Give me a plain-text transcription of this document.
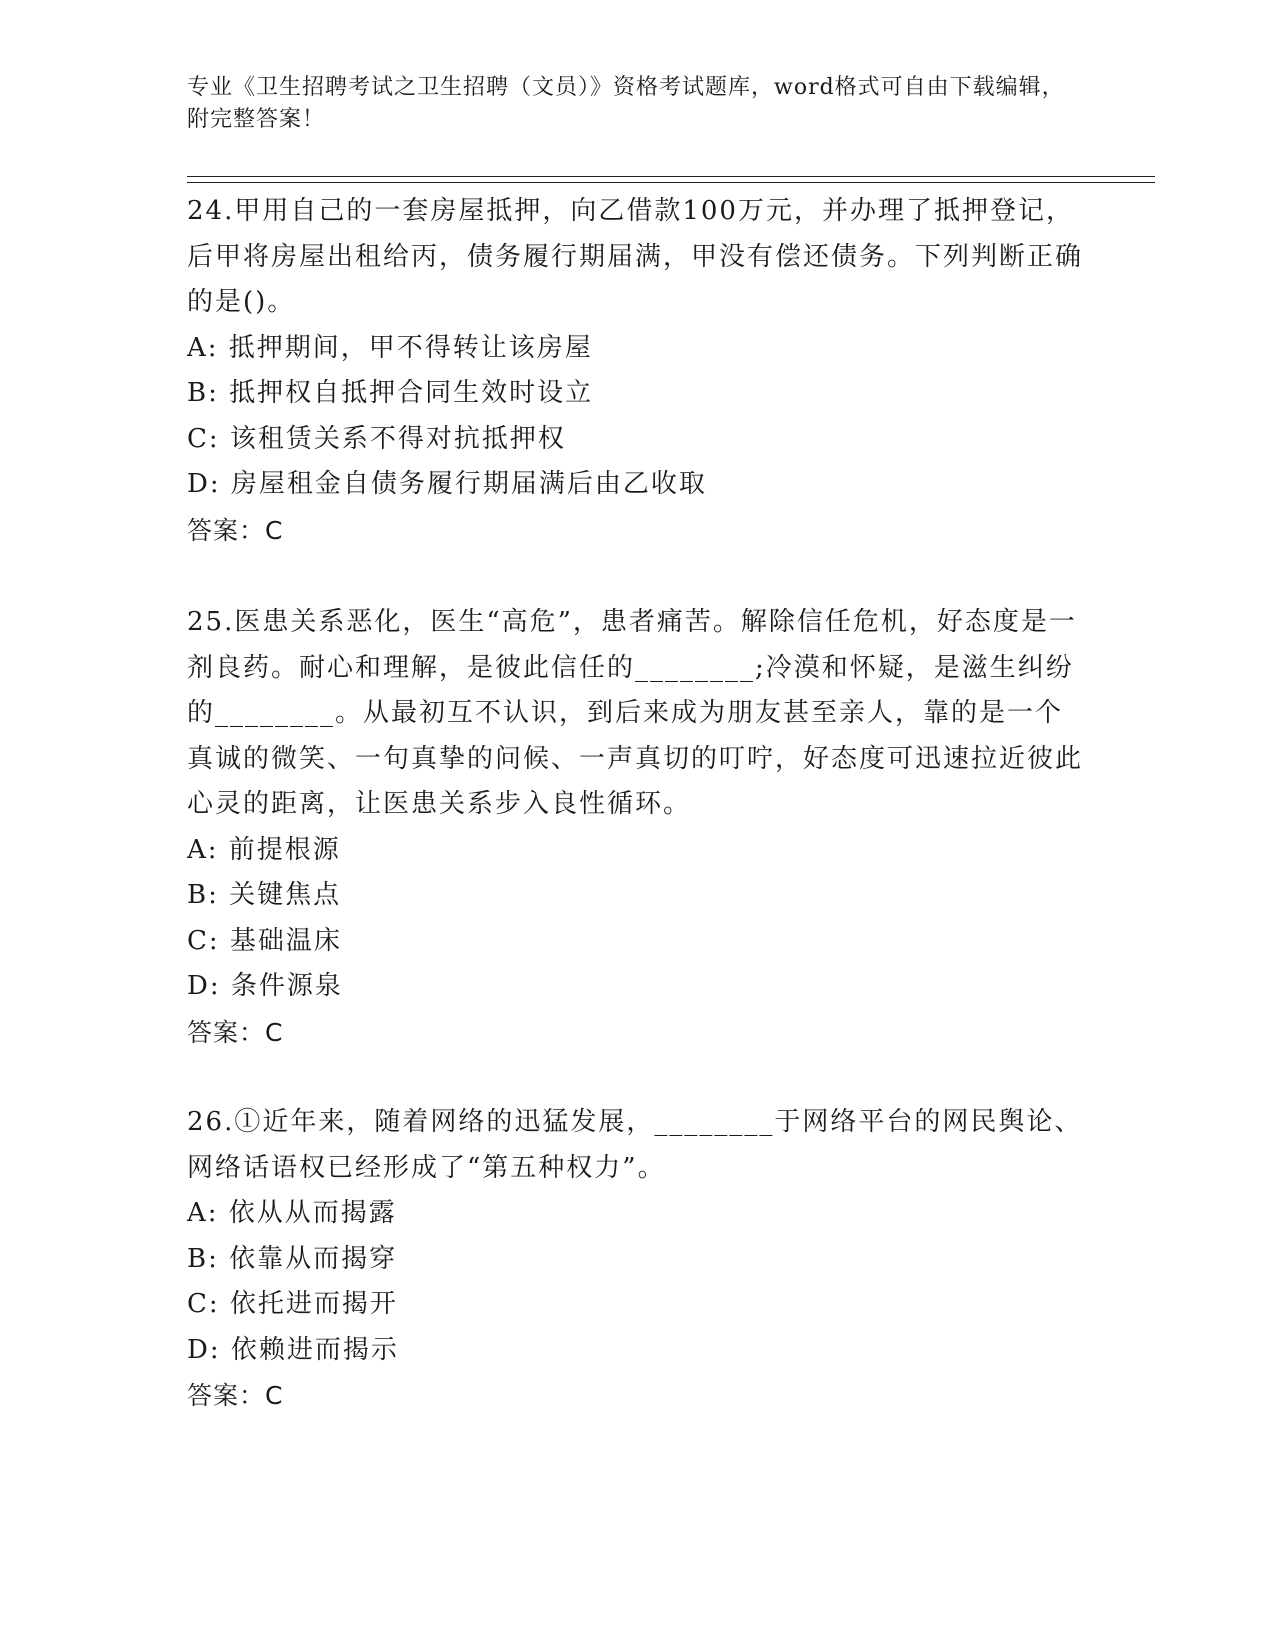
专业《卫生招聘考试之卫生招聘（文员）》资格考试题库，word格式可自由下载编辑，附完整答案！

24.甲用自己的一套房屋抵押，向乙借款100万元，并办理了抵押登记，后甲将房屋出租给丙，债务履行期届满，甲没有偿还债务。下列判断正确的是()。

A: 抵押期间，甲不得转让该房屋

B: 抵押权自抵押合同生效时设立

C: 该租赁关系不得对抗抵押权

D: 房屋租金自债务履行期届满后由乙收取

答案：C

25.医患关系恶化，医生“高危”，患者痛苦。解除信任危机，好态度是一剂良药。耐心和理解，是彼此信任的________;冷漠和怀疑，是滋生纠纷的________。从最初互不认识，到后来成为朋友甚至亲人，靠的是一个真诚的微笑、一句真挚的问候、一声真切的叮咛，好态度可迅速拉近彼此心灵的距离，让医患关系步入良性循环。

A: 前提根源

B: 关键焦点

C: 基础温床

D: 条件源泉

答案：C

26.①近年来，随着网络的迅猛发展，________于网络平台的网民舆论、网络话语权已经形成了“第五种权力”。

A: 依从从而揭露

B: 依靠从而揭穿

C: 依托进而揭开

D: 依赖进而揭示

答案：C
